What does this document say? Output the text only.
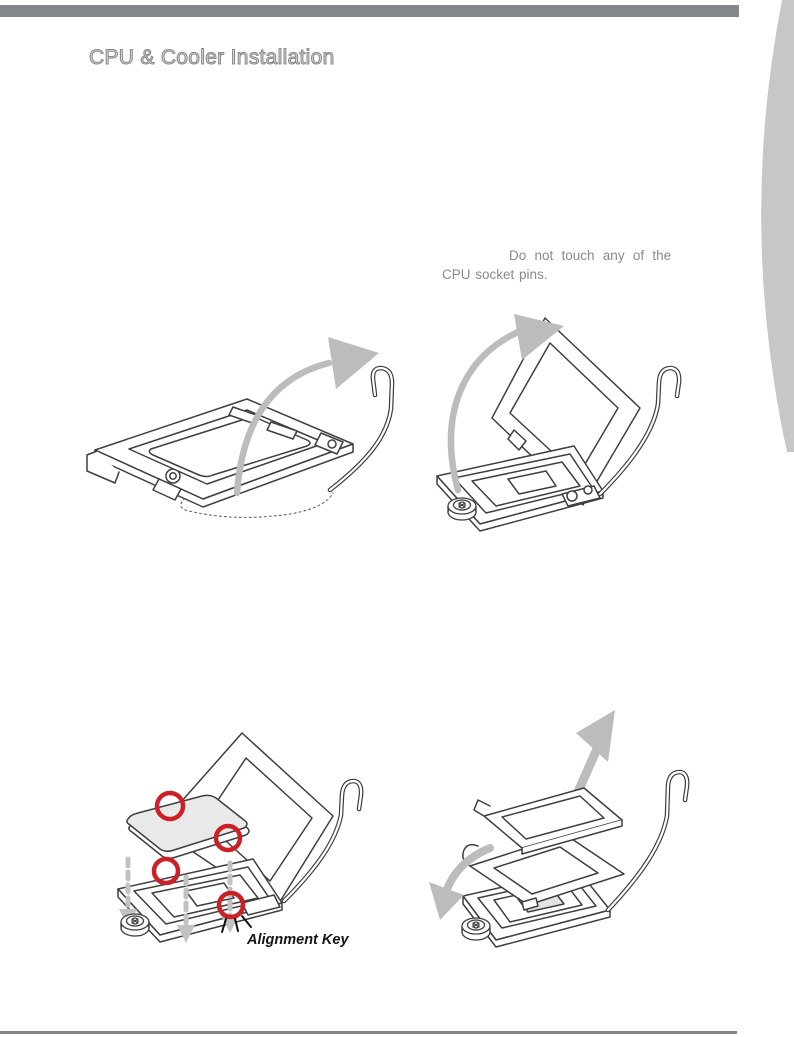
CPU & Cooler Installation
Do not touch any of the
CPU socket pins.
Alignment Key
